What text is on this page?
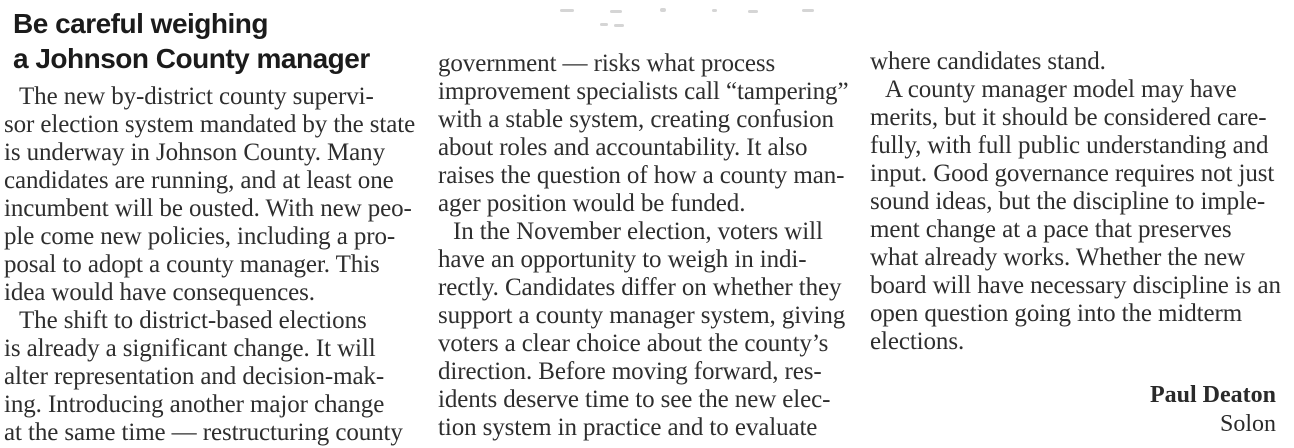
Be careful weighing
a Johnson County manager
The new by-district county supervi-
sor election system mandated by the state
is underway in Johnson County. Many
candidates are running, and at least one
incumbent will be ousted. With new peo-
ple come new policies, including a pro-
posal to adopt a county manager. This
idea would have consequences.
The shift to district-based elections
is already a significant change. It will
alter representation and decision-mak-
ing. Introducing another major change
at the same time — restructuring county
government — risks what process
improvement specialists call “tampering”
with a stable system, creating confusion
about roles and accountability. It also
raises the question of how a county man-
ager position would be funded.
In the November election, voters will
have an opportunity to weigh in indi-
rectly. Candidates differ on whether they
support a county manager system, giving
voters a clear choice about the county’s
direction. Before moving forward, res-
idents deserve time to see the new elec-
tion system in practice and to evaluate
where candidates stand.
A county manager model may have
merits, but it should be considered care-
fully, with full public understanding and
input. Good governance requires not just
sound ideas, but the discipline to imple-
ment change at a pace that preserves
what already works. Whether the new
board will have necessary discipline is an
open question going into the midterm
elections.
Paul Deaton
Solon
